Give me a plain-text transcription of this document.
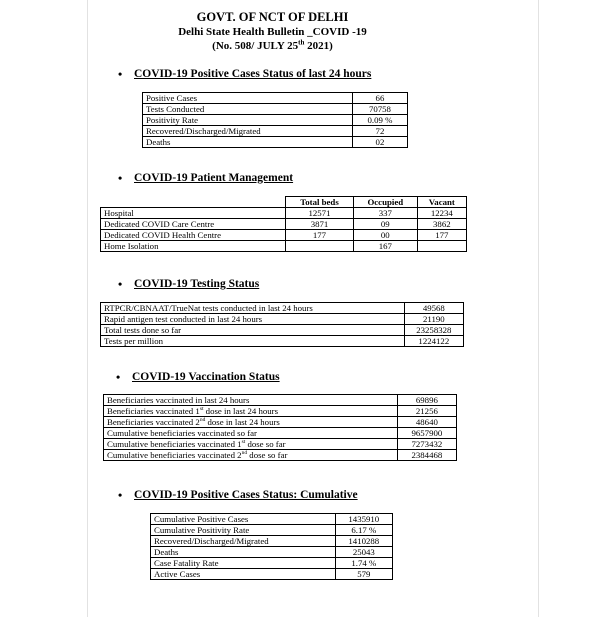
GOVT. OF NCT OF DELHI
Delhi State Health Bulletin _COVID -19
(No. 508/ JULY 25th 2021)
• COVID-19 Positive Cases Status of last 24 hours
Positive Cases	66
Tests Conducted	70758
Positivity Rate	0.09 %
Recovered/Discharged/Migrated	72
Deaths	02
• COVID-19 Patient Management
	Total beds	Occupied	Vacant
Hospital	12571	337	12234
Dedicated COVID Care Centre	3871	09	3862
Dedicated COVID Health Centre	177	00	177
Home Isolation		167	
• COVID-19 Testing Status
RTPCR/CBNAAT/TrueNat tests conducted in last 24 hours	49568
Rapid antigen test conducted in last 24 hours	21190
Total tests done so far	23258328
Tests per million	1224122
• COVID-19 Vaccination Status
Beneficiaries vaccinated in last 24 hours	69896
Beneficiaries vaccinated 1st dose in last 24 hours	21256
Beneficiaries vaccinated 2nd dose in last 24 hours	48640
Cumulative beneficiaries vaccinated so far	9657900
Cumulative beneficiaries vaccinated 1st dose so far	7273432
Cumulative beneficiaries vaccinated 2nd dose so far	2384468
• COVID-19 Positive Cases Status: Cumulative
Cumulative Positive Cases	1435910
Cumulative Positivity Rate	6.17 %
Recovered/Discharged/Migrated	1410288
Deaths	25043
Case Fatality Rate	1.74 %
Active Cases	579
